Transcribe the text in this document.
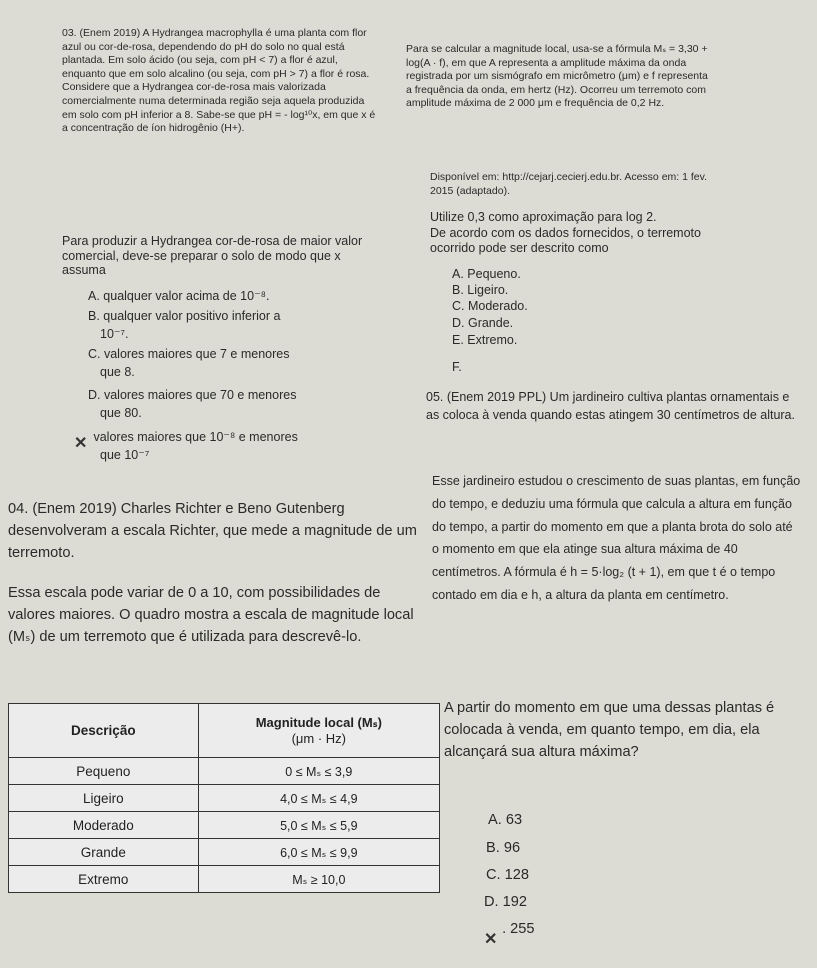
03. (Enem 2019) A Hydrangea macrophylla é uma planta com flor azul ou cor-de-rosa, dependendo do pH do solo no qual está plantada. Em solo ácido (ou seja, com pH < 7) a flor é azul, enquanto que em solo alcalino (ou seja, com pH > 7) a flor é rosa. Considere que a Hydrangea cor-de-rosa mais valorizada comercialmente numa determinada região seja aquela produzida em solo com pH inferior a 8. Sabe-se que pH = - log¹⁰x, em que x é a concentração de íon hidrogênio (H+).

Para produzir a Hydrangea cor-de-rosa de maior valor comercial, deve-se preparar o solo de modo que x assuma

A. qualquer valor acima de 10⁻⁸.

B. qualquer valor positivo inferior a

10⁻⁷.

C. valores maiores que 7 e menores

que 8.

D. valores maiores que 70 e menores

que 80.

valores maiores que 10⁻⁸ e menores

que 10⁻⁷

04. (Enem 2019) Charles Richter e Beno Gutenberg desenvolveram a escala Richter, que mede a magnitude de um terremoto.

Essa escala pode variar de 0 a 10, com possibilidades de valores maiores. O quadro mostra a escala de magnitude local (Mₛ) de um terremoto que é utilizada para descrevê-lo.

Descrição	Magnitude local (Mₛ)
(μm · Hz)
Pequeno	0 ≤ Mₛ ≤ 3,9
Ligeiro	4,0 ≤ Mₛ ≤ 4,9
Moderado	5,0 ≤ Mₛ ≤ 5,9
Grande	6,0 ≤ Mₛ ≤ 9,9
Extremo	Mₛ ≥ 10,0

Para se calcular a magnitude local, usa-se a fórmula Mₛ = 3,30 + log(A · f), em que A representa a amplitude máxima da onda registrada por um sismógrafo em micrômetro (μm) e f representa a frequência da onda, em hertz (Hz). Ocorreu um terremoto com amplitude máxima de 2 000 μm e frequência de 0,2 Hz.

Disponível em: http://cejarj.cecierj.edu.br. Acesso em: 1 fev. 2015 (adaptado).

Utilize 0,3 como aproximação para log 2.

De acordo com os dados fornecidos, o terremoto ocorrido pode ser descrito como

A. Pequeno.

B. Ligeiro.

C. Moderado.

D. Grande.

E. Extremo.

F.

05. (Enem 2019 PPL) Um jardineiro cultiva plantas ornamentais e as coloca à venda quando estas atingem 30 centímetros de altura.

Esse jardineiro estudou o crescimento de suas plantas, em função do tempo, e deduziu uma fórmula que calcula a altura em função do tempo, a partir do momento em que a planta brota do solo até o momento em que ela atinge sua altura máxima de 40 centímetros. A fórmula é h = 5·log₂ (t + 1), em que t é o tempo contado em dia e h, a altura da planta em centímetro.

A partir do momento em que uma dessas plantas é colocada à venda, em quanto tempo, em dia, ela alcançará sua altura máxima?

A. 63

B. 96

C. 128

D. 192

. 255
